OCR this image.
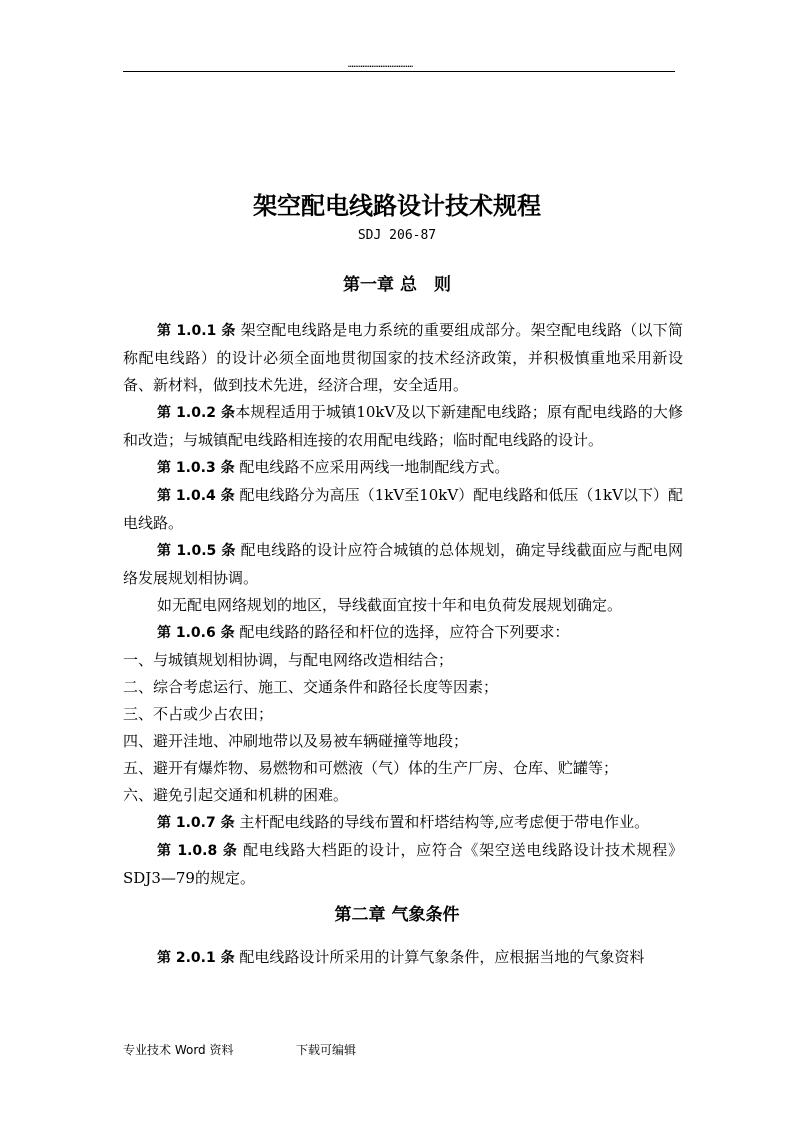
………………………………
架空配电线路设计技术规程
SDJ 206-87
第一章 总　则

第 1.0.1 条 架空配电线路是电力系统的重要组成部分。架空配电线路（以下简称配电线路）的设计必须全面地贯彻国家的技术经济政策，并积极慎重地采用新设备、新材料，做到技术先进，经济合理，安全适用。

第 1.0.2 条本规程适用于城镇10kV及以下新建配电线路；原有配电线路的大修和改造；与城镇配电线路相连接的农用配电线路；临时配电线路的设计。

第 1.0.3 条 配电线路不应采用两线一地制配线方式。

第 1.0.4 条 配电线路分为高压（1kV至10kV）配电线路和低压（1kV以下）配电线路。

第 1.0.5 条 配电线路的设计应符合城镇的总体规划，确定导线截面应与配电网络发展规划相协调。

如无配电网络规划的地区，导线截面宜按十年和电负荷发展规划确定。

第 1.0.6 条 配电线路的路径和杆位的选择，应符合下列要求：

一、与城镇规划相协调，与配电网络改造相结合；

二、综合考虑运行、施工、交通条件和路径长度等因素；

三、不占或少占农田；

四、避开洼地、冲刷地带以及易被车辆碰撞等地段；

五、避开有爆炸物、易燃物和可燃液（气）体的生产厂房、仓库、贮罐等；

六、避免引起交通和机耕的困难。

第 1.0.7 条 主杆配电线路的导线布置和杆塔结构等,应考虑便于带电作业。

第 1.0.8 条 配电线路大档距的设计，应符合《架空送电线路设计技术规程》SDJ3—79的规定。

第二章 气象条件

第 2.0.1 条 配电线路设计所采用的计算气象条件，应根据当地的气象资料

专业技术 Word 资料	下载可编辑
